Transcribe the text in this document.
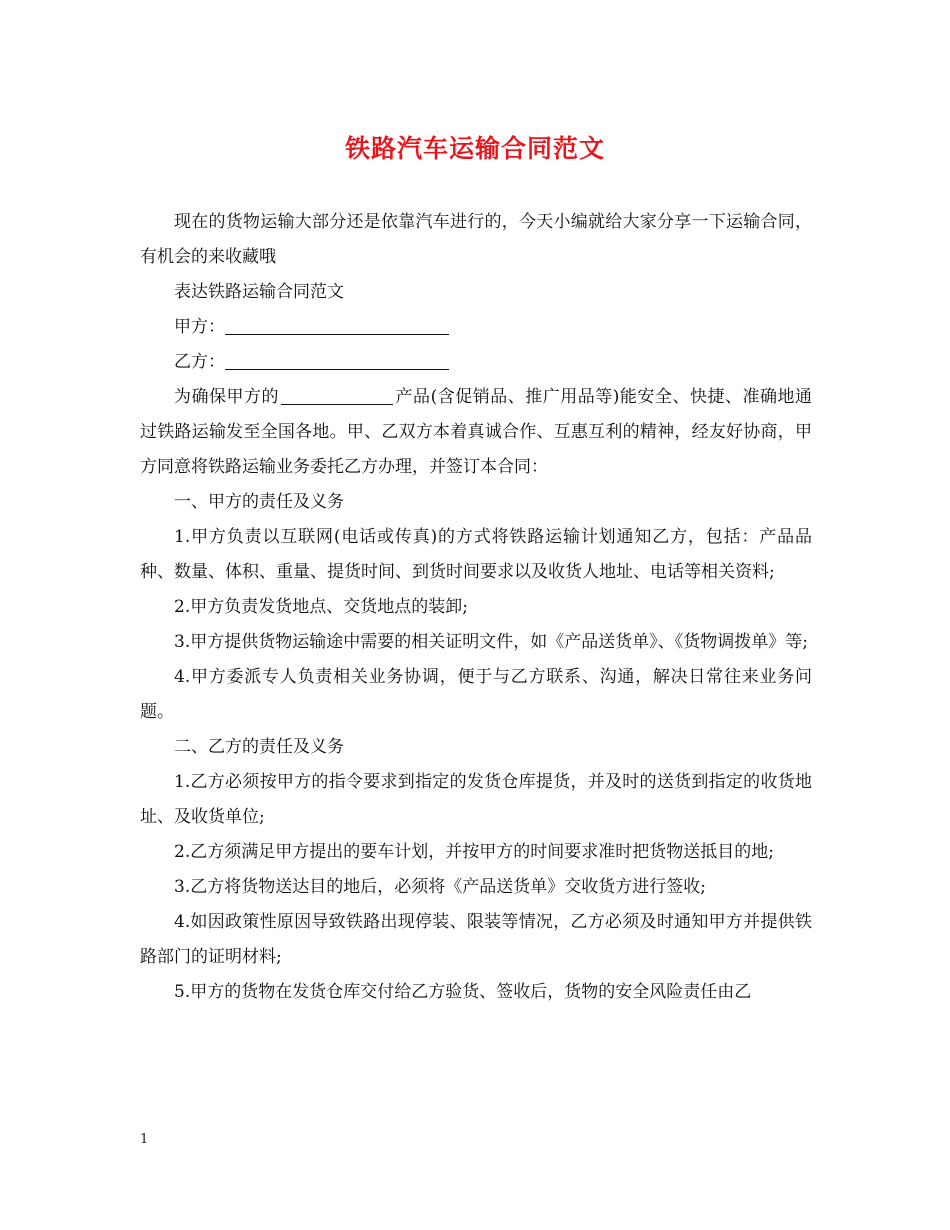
铁路汽车运输合同范文

现在的货物运输大部分还是依靠汽车进行的，今天小编就给大家分享一下运输合同，有机会的来收藏哦

表达铁路运输合同范文

甲方：

乙方：

为确保甲方的	产品(含促销品、推广用品等)能安全、快捷、准确地通过铁路运输发至全国各地。甲、乙双方本着真诚合作、互惠互利的精神，经友好协商，甲方同意将铁路运输业务委托乙方办理，并签订本合同：

一、甲方的责任及义务

1.甲方负责以互联网(电话或传真)的方式将铁路运输计划通知乙方，包括：产品品种、数量、体积、重量、提货时间、到货时间要求以及收货人地址、电话等相关资料;

2.甲方负责发货地点、交货地点的装卸;

3.甲方提供货物运输途中需要的相关证明文件，如《产品送货单》、《货物调拨单》等;

4.甲方委派专人负责相关业务协调，便于与乙方联系、沟通，解决日常往来业务问题。

二、乙方的责任及义务

1.乙方必须按甲方的指令要求到指定的发货仓库提货，并及时的送货到指定的收货地址、及收货单位;

2.乙方须满足甲方提出的要车计划，并按甲方的时间要求准时把货物送抵目的地;

3.乙方将货物送达目的地后，必须将《产品送货单》交收货方进行签收;

4.如因政策性原因导致铁路出现停装、限装等情况，乙方必须及时通知甲方并提供铁路部门的证明材料;

5.甲方的货物在发货仓库交付给乙方验货、签收后，货物的安全风险责任由乙

1
